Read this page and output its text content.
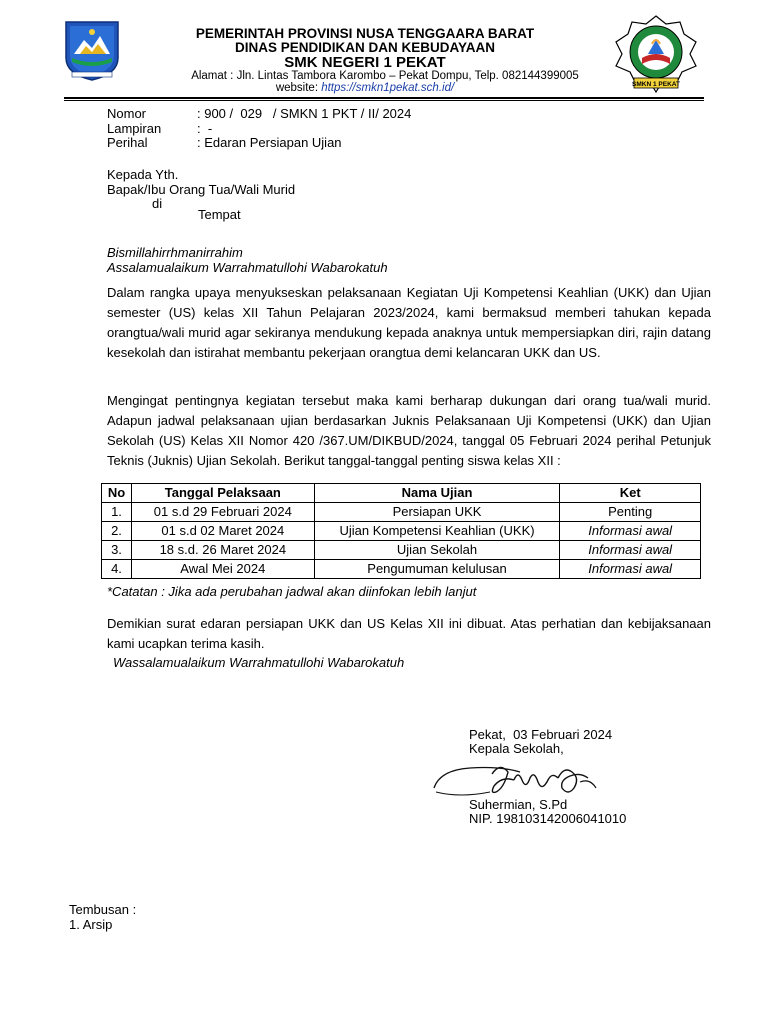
SMKN 1 PEKAT
PEMERINTAH PROVINSI NUSA TENGGAARA BARAT
DINAS PENDIDIKAN DAN KEBUDAYAAN
SMK NEGERI 1 PEKAT
Alamat : Jln. Lintas Tambora Karombo – Pekat Dompu, Telp. 082144399005
website: https://smkn1pekat.sch.id/
Nomor	: 900 /  029   / SMKN 1 PKT / II/ 2024
Lampiran	:  -
Perihal	: Edaran Persiapan Ujian
Kepada Yth.
Bapak/Ibu Orang Tua/Wali Murid
di
Tempat
Bismillahirrhmanirrahim
Assalamualaikum Warrahmatullohi Wabarokatuh
Dalam rangka upaya menyukseskan pelaksanaan Kegiatan Uji Kompetensi Keahlian (UKK) dan Ujian semester (US) kelas XII Tahun Pelajaran 2023/2024, kami bermaksud memberi tahukan kepada orangtua/wali murid agar sekiranya mendukung kepada anaknya untuk mempersiapkan diri, rajin datang kesekolah dan istirahat membantu pekerjaan orangtua demi kelancaran UKK dan US.
Mengingat pentingnya kegiatan tersebut maka kami berharap dukungan dari orang tua/wali murid. Adapun jadwal pelaksanaan ujian berdasarkan Juknis Pelaksanaan Uji Kompetensi (UKK) dan Ujian Sekolah (US) Kelas XII Nomor 420 /367.UM/DIKBUD/2024, tanggal 05 Februari 2024 perihal Petunjuk Teknis (Juknis) Ujian Sekolah. Berikut tanggal-tanggal penting siswa kelas XII :
No	Tanggal Pelaksaan	Nama Ujian	Ket
1.	01 s.d 29 Februari 2024	Persiapan UKK	Penting
2.	01 s.d 02 Maret 2024	Ujian Kompetensi Keahlian (UKK)	Informasi awal
3.	18 s.d. 26 Maret 2024	Ujian Sekolah	Informasi awal
4.	Awal Mei 2024	Pengumuman kelulusan	Informasi awal
*Catatan : Jika ada perubahan jadwal akan diinfokan lebih lanjut
Demikian surat edaran persiapan UKK dan US Kelas XII ini dibuat. Atas perhatian dan kebijaksanaan kami ucapkan terima kasih.
Wassalamualaikum Warrahmatullohi Wabarokatuh
Pekat,  03 Februari 2024
Kepala Sekolah,
Suhermian, S.Pd
NIP. 198103142006041010
Tembusan :
1. Arsip
